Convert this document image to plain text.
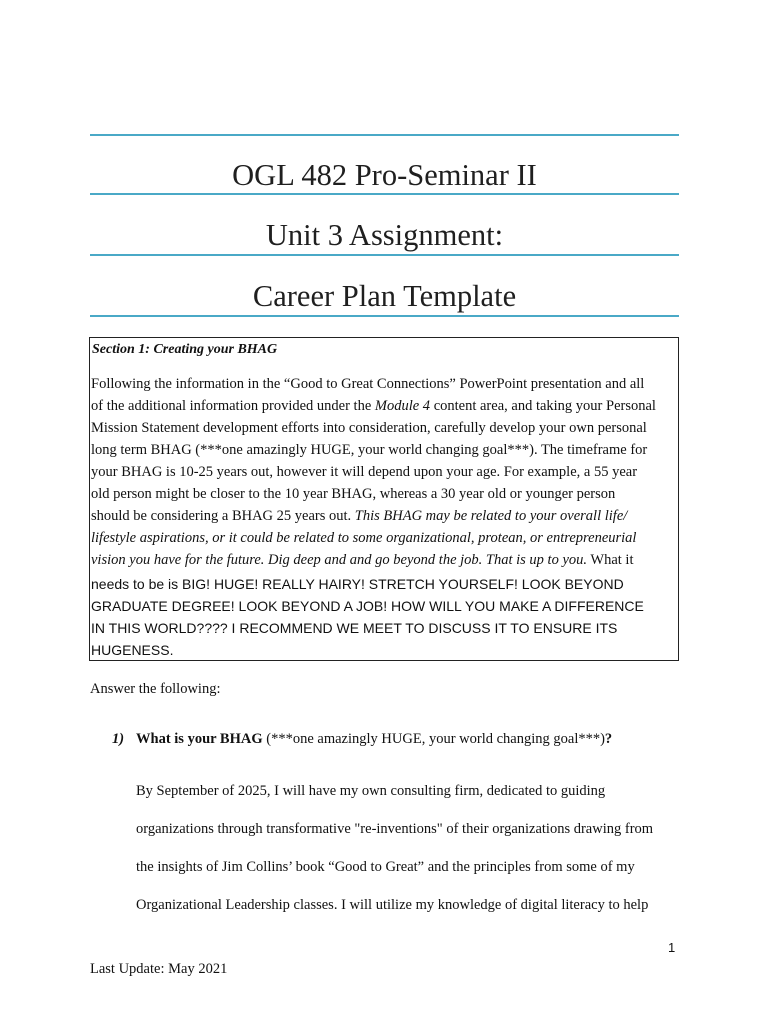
OGL 482 Pro-Seminar II
Unit 3 Assignment:
Career Plan Template
Section 1: Creating your BHAG
Following the information in the “Good to Great Connections” PowerPoint presentation and all
of the additional information provided under the Module 4 content area, and taking your Personal
Mission Statement development efforts into consideration, carefully develop your own personal
long term BHAG (***one amazingly HUGE, your world changing goal***). The timeframe for
your BHAG is 10-25 years out, however it will depend upon your age. For example, a 55 year
old person might be closer to the 10 year BHAG, whereas a 30 year old or younger person
should be considering a BHAG 25 years out. This BHAG may be related to your overall life/
lifestyle aspirations, or it could be related to some organizational, protean, or entrepreneurial
vision you have for the future. Dig deep and and go beyond the job. That is up to you. What it
needs to be is BIG! HUGE! REALLY HAIRY! STRETCH YOURSELF! LOOK BEYOND
GRADUATE DEGREE! LOOK BEYOND A JOB! HOW WILL YOU MAKE A DIFFERENCE
IN THIS WORLD???? I RECOMMEND WE MEET TO DISCUSS IT TO ENSURE ITS
HUGENESS.
Answer the following:
1) What is your BHAG (***one amazingly HUGE, your world changing goal***)?
By September of 2025, I will have my own consulting firm, dedicated to guiding
organizations through transformative "re-inventions" of their organizations drawing from
the insights of Jim Collins’ book “Good to Great” and the principles from some of my
Organizational Leadership classes. I will utilize my knowledge of digital literacy to help
1
Last Update: May 2021
